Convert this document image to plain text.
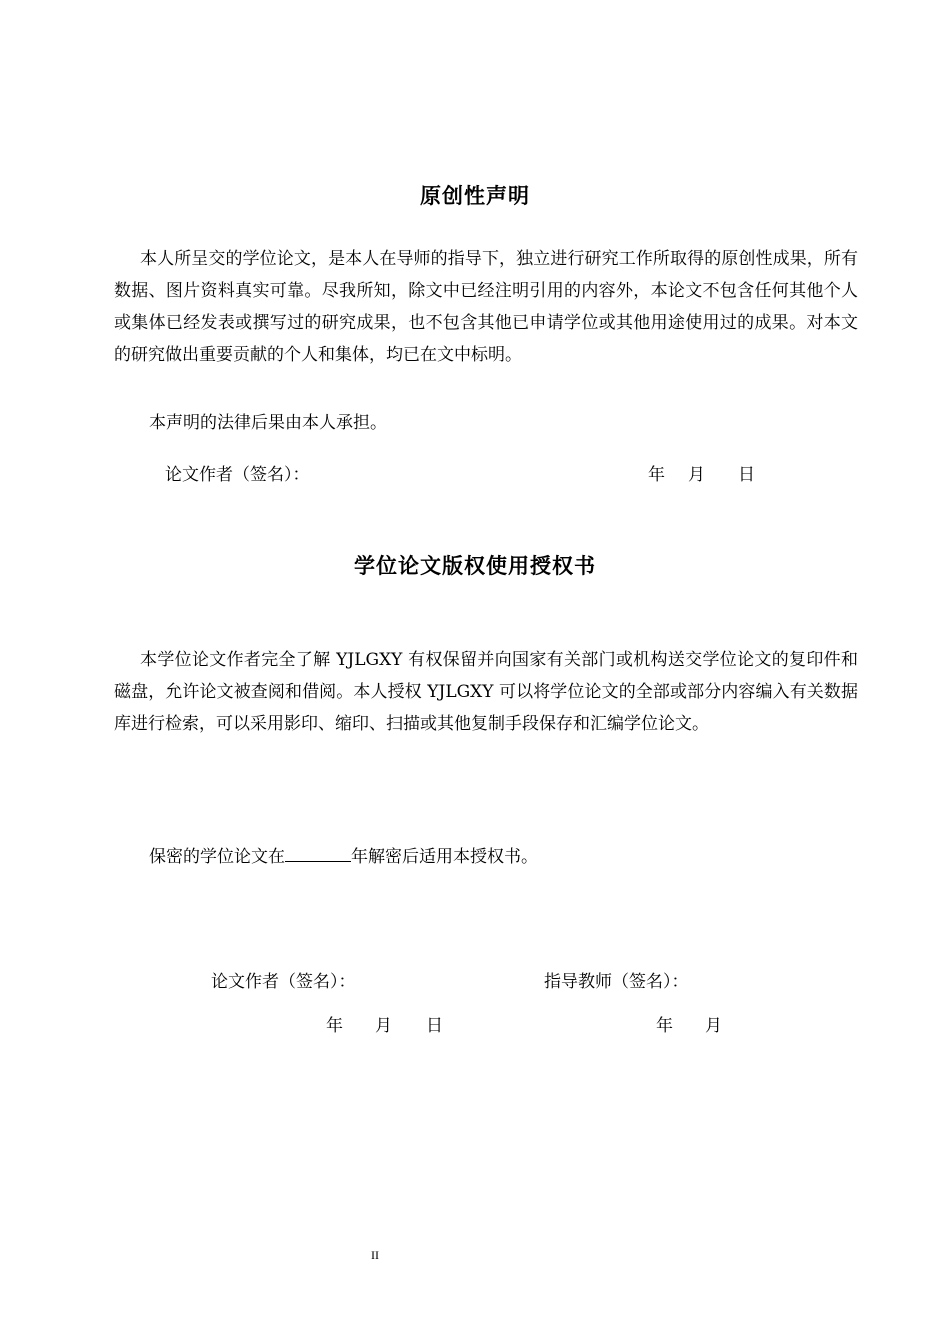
原创性声明

本人所呈交的学位论文，是本人在导师的指导下，独立进行研究工作所取得的原创性成果，所有数据、图片资料真实可靠。尽我所知，除文中已经注明引用的内容外，本论文不包含任何其他个人或集体已经发表或撰写过的研究成果，也不包含其他已申请学位或其他用途使用过的成果。对本文的研究做出重要贡献的个人和集体，均已在文中标明。

本声明的法律后果由本人承担。
论文作者（签名）：	年 月 日
学位论文版权使用授权书

本学位论文作者完全了解 YJLGXY 有权保留并向国家有关部门或机构送交学位论文的复印件和磁盘，允许论文被查阅和借阅。本人授权 YJLGXY 可以将学位论文的全部或部分内容编入有关数据库进行检索，可以采用影印、缩印、扫描或其他复制手段保存和汇编学位论文。

保密的学位论文在	年解密后适用本授权书。
论文作者（签名）：	指导教师（签名）：
年 月 日	年 月
II
